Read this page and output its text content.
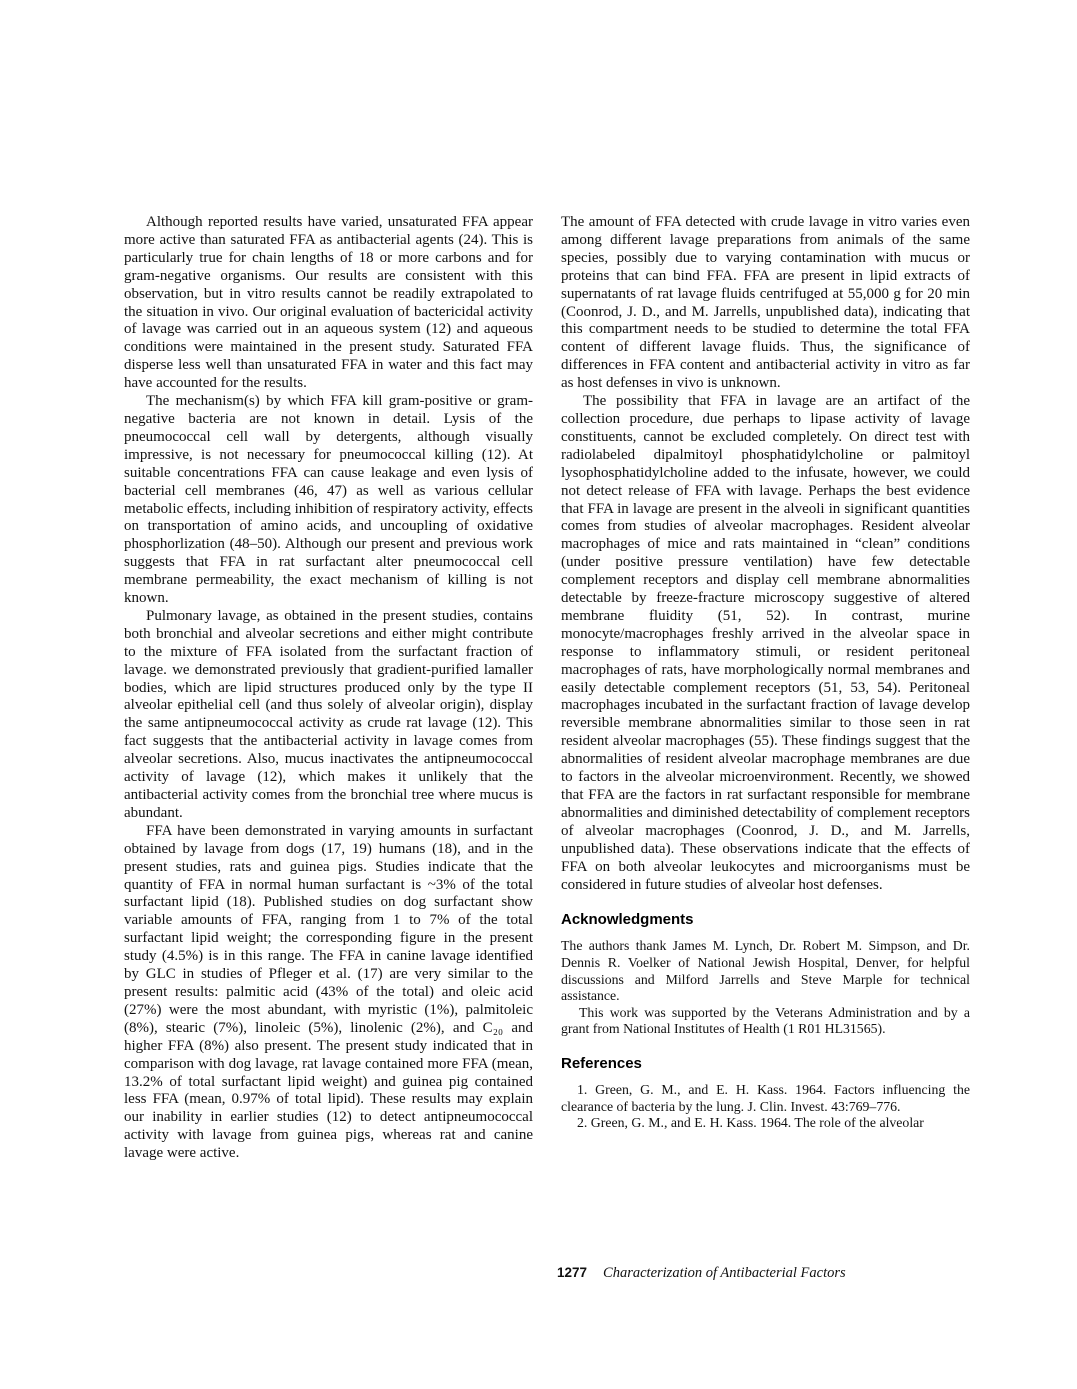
Although reported results have varied, unsaturated FFA appear more active than saturated FFA as antibacterial agents (24). This is particularly true for chain lengths of 18 or more carbons and for gram-negative organisms. Our results are consistent with this observation, but in vitro results cannot be readily extrapolated to the situation in vivo. Our original evaluation of bactericidal activity of lavage was carried out in an aqueous system (12) and aqueous conditions were maintained in the present study. Saturated FFA disperse less well than unsaturated FFA in water and this fact may have accounted for the results.

The mechanism(s) by which FFA kill gram-positive or gram-negative bacteria are not known in detail. Lysis of the pneumococcal cell wall by detergents, although visually impressive, is not necessary for pneumococcal killing (12). At suitable concentrations FFA can cause leakage and even lysis of bacterial cell membranes (46, 47) as well as various cellular metabolic effects, including inhibition of respiratory activity, effects on transportation of amino acids, and uncoupling of oxidative phosphorlization (48–50). Although our present and previous work suggests that FFA in rat surfactant alter pneumococcal cell membrane permeability, the exact mechanism of killing is not known.

Pulmonary lavage, as obtained in the present studies, contains both bronchial and alveolar secretions and either might contribute to the mixture of FFA isolated from the surfactant fraction of lavage. we demonstrated previously that gradient-purified lamaller bodies, which are lipid structures produced only by the type II alveolar epithelial cell (and thus solely of alveolar origin), display the same antipneumococcal activity as crude rat lavage (12). This fact suggests that the antibacterial activity in lavage comes from alveolar secretions. Also, mucus inactivates the antipneumococcal activity of lavage (12), which makes it unlikely that the antibacterial activity comes from the bronchial tree where mucus is abundant.

FFA have been demonstrated in varying amounts in surfactant obtained by lavage from dogs (17, 19) humans (18), and in the present studies, rats and guinea pigs. Studies indicate that the quantity of FFA in normal human surfactant is ~3% of the total surfactant lipid (18). Published studies on dog surfactant show variable amounts of FFA, ranging from 1 to 7% of the total surfactant lipid weight; the corresponding figure in the present study (4.5%) is in this range. The FFA in canine lavage identified by GLC in studies of Pfleger et al. (17) are very similar to the present results: palmitic acid (43% of the total) and oleic acid (27%) were the most abundant, with myristic (1%), palmitoleic (8%), stearic (7%), linoleic (5%), linolenic (2%), and C₂₀ and higher FFA (8%) also present. The present study indicated that in comparison with dog lavage, rat lavage contained more FFA (mean, 13.2% of total surfactant lipid weight) and guinea pig contained less FFA (mean, 0.97% of total lipid). These results may explain our inability in earlier studies (12) to detect antipneumococcal activity with lavage from guinea pigs, whereas rat and canine lavage were active.

The amount of FFA detected with crude lavage in vitro varies even among different lavage preparations from animals of the same species, possibly due to varying contamination with mucus or proteins that can bind FFA. FFA are present in lipid extracts of supernatants of rat lavage fluids centrifuged at 55,000 g for 20 min (Coonrod, J. D., and M. Jarrells, unpublished data), indicating that this compartment needs to be studied to determine the total FFA content of different lavage fluids. Thus, the significance of differences in FFA content and antibacterial activity in vitro as far as host defenses in vivo is unknown.

The possibility that FFA in lavage are an artifact of the collection procedure, due perhaps to lipase activity of lavage constituents, cannot be excluded completely. On direct test with radiolabeled dipalmitoyl phosphatidylcholine or palmitoyl lysophosphatidylcholine added to the infusate, however, we could not detect release of FFA with lavage. Perhaps the best evidence that FFA in lavage are present in the alveoli in significant quantities comes from studies of alveolar macrophages. Resident alveolar macrophages of mice and rats maintained in “clean” conditions (under positive pressure ventilation) have few detectable complement receptors and display cell membrane abnormalities detectable by freeze-fracture microscopy suggestive of altered membrane fluidity (51, 52). In contrast, murine monocyte/macrophages freshly arrived in the alveolar space in response to inflammatory stimuli, or resident peritoneal macrophages of rats, have morphologically normal membranes and easily detectable complement receptors (51, 53, 54). Peritoneal macrophages incubated in the surfactant fraction of lavage develop reversible membrane abnormalities similar to those seen in rat resident alveolar macrophages (55). These findings suggest that the abnormalities of resident alveolar macrophage membranes are due to factors in the alveolar microenvironment. Recently, we showed that FFA are the factors in rat surfactant responsible for membrane abnormalities and diminished detectability of complement receptors of alveolar macrophages (Coonrod, J. D., and M. Jarrells, unpublished data). These observations indicate that the effects of FFA on both alveolar leukocytes and microorganisms must be considered in future studies of alveolar host defenses.

Acknowledgments

The authors thank James M. Lynch, Dr. Robert M. Simpson, and Dr. Dennis R. Voelker of National Jewish Hospital, Denver, for helpful discussions and Milford Jarrells and Steve Marple for technical assistance.

This work was supported by the Veterans Administration and by a grant from National Institutes of Health (1 R01 HL31565).

References

1. Green, G. M., and E. H. Kass. 1964. Factors influencing the clearance of bacteria by the lung. J. Clin. Invest. 43:769–776.

2. Green, G. M., and E. H. Kass. 1964. The role of the alveolar

1277 Characterization of Antibacterial Factors
